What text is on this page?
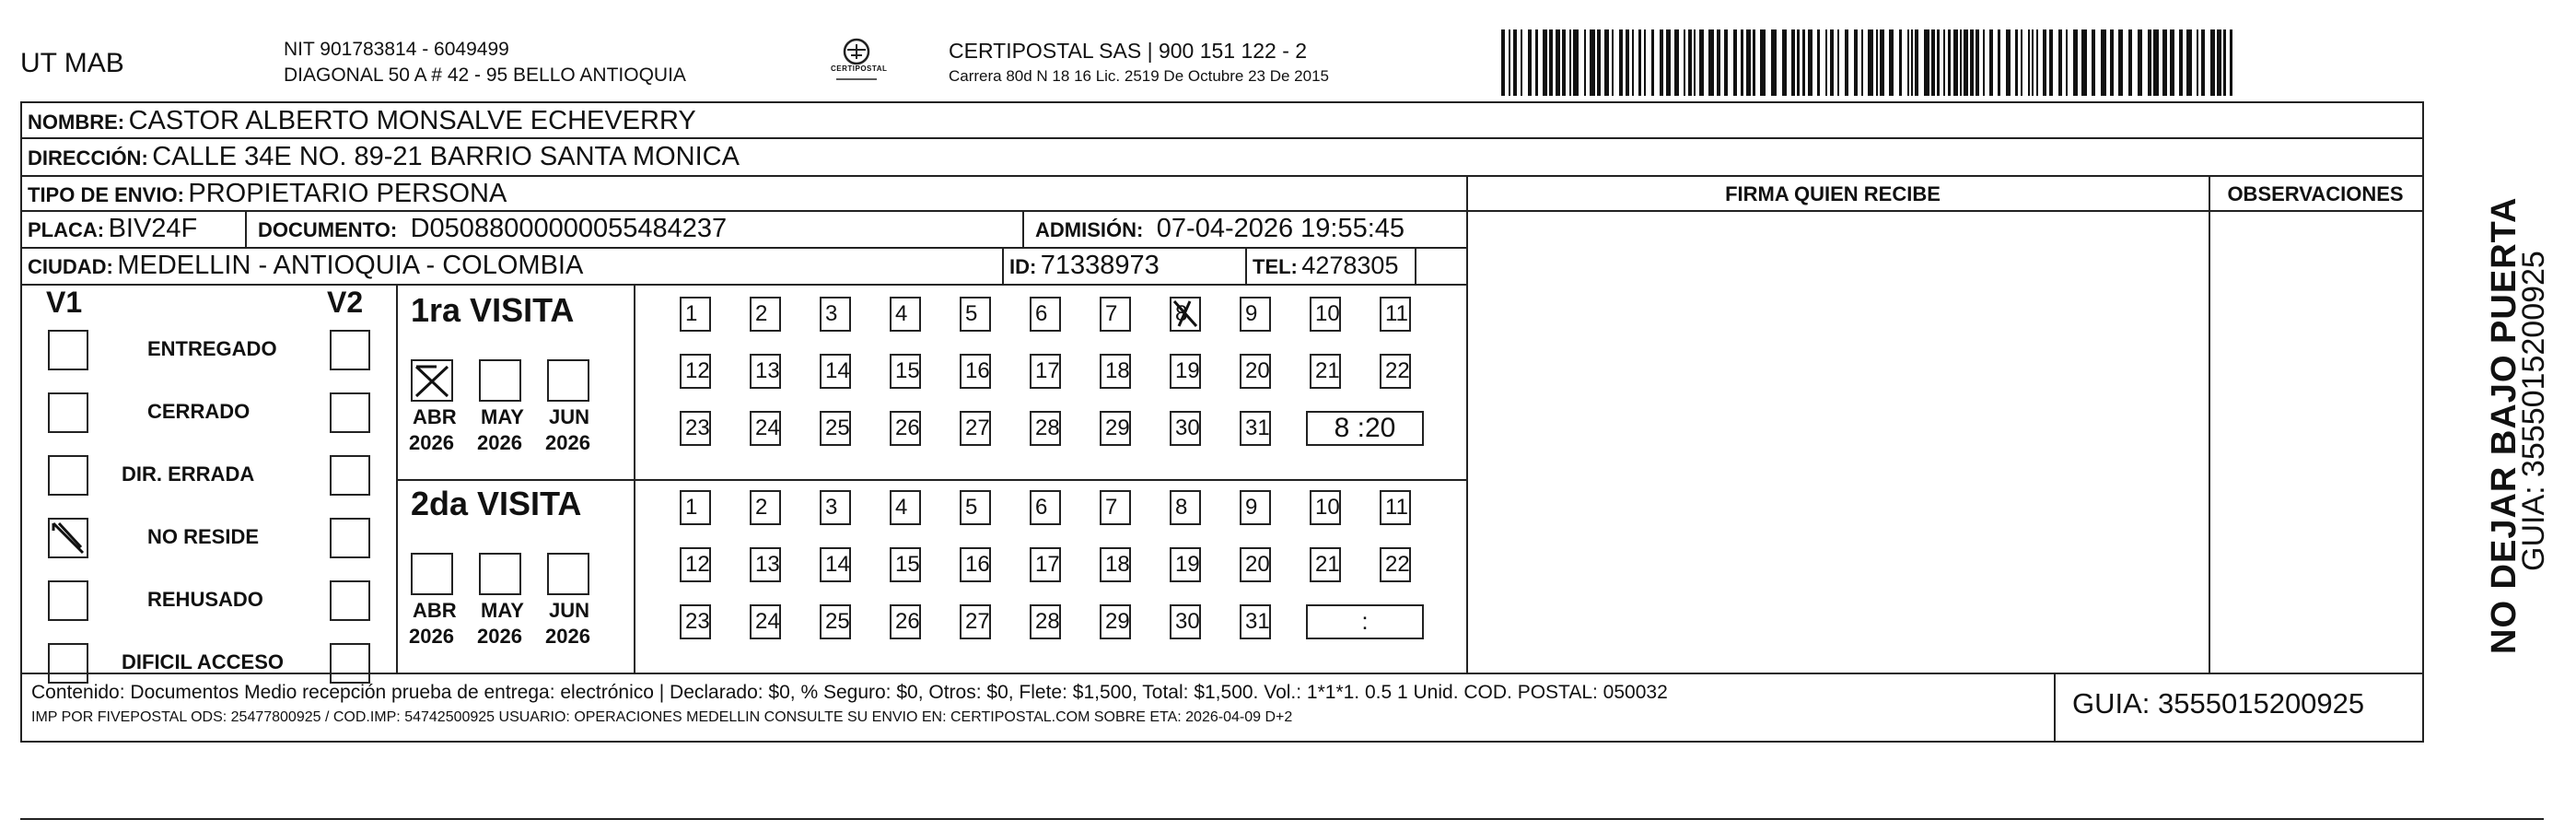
UT MAB	NIT 901783814 - 6049499
DIAGONAL 50 A # 42 - 95 BELLO ANTIOQUIA	CERTIPOSTAL
CERTIPOSTAL SAS | 900 151 122 - 2
Carrera 80d N 18 16 Lic. 2519 De Octubre 23 De 2015
NOMBRE: CASTOR ALBERTO MONSALVE ECHEVERRY
DIRECCIÓN: CALLE 34E NO. 89-21 BARRIO SANTA MONICA
TIPO DE ENVIO: PROPIETARIO PERSONA	FIRMA QUIEN RECIBE	OBSERVACIONES
PLACA: BIV24F	DOCUMENTO: D05088000000055484237	ADMISIÓN: 07-04-2026 19:55:45
CIUDAD: MEDELLIN - ANTIOQUIA - COLOMBIA	ID: 71338973	TEL: 4278305
V1	V2
ENTREGADO
CERRADO
DIR. ERRADA
NO RESIDE
REHUSADO
DIFICIL ACCESO
1ra VISITA
2da VISITA
ABR
2026
MAY
2026
JUN
2026
ABR
2026
MAY
2026
JUN
2026
1	2	3	4	5	6	7	8	9	10 11
12 13 14 15 16 17 18 19 20 21 22
23 24 25 26 27 28 29 30 31	8 :20
1	2	3	4	5	6	7	8	9	10 11
12 13 14 15 16 17 18 19 20 21 22
23 24 25 26 27 28 29 30 31	:
Contenido: Documentos Medio recepción prueba de entrega: electrónico | Declarado: $0, % Seguro: $0, Otros: $0, Flete: $1,500, Total: $1,500. Vol.: 1*1*1. 0.5 1 Unid. COD. POSTAL: 050032
IMP POR FIVEPOSTAL ODS: 25477800925 / COD.IMP: 54742500925 USUARIO: OPERACIONES MEDELLIN CONSULTE SU ENVIO EN: CERTIPOSTAL.COM SOBRE ETA: 2026-04-09 D+2	GUIA: 3555015200925
NO DEJAR BAJO PUERTA
GUIA: 3555015200925
